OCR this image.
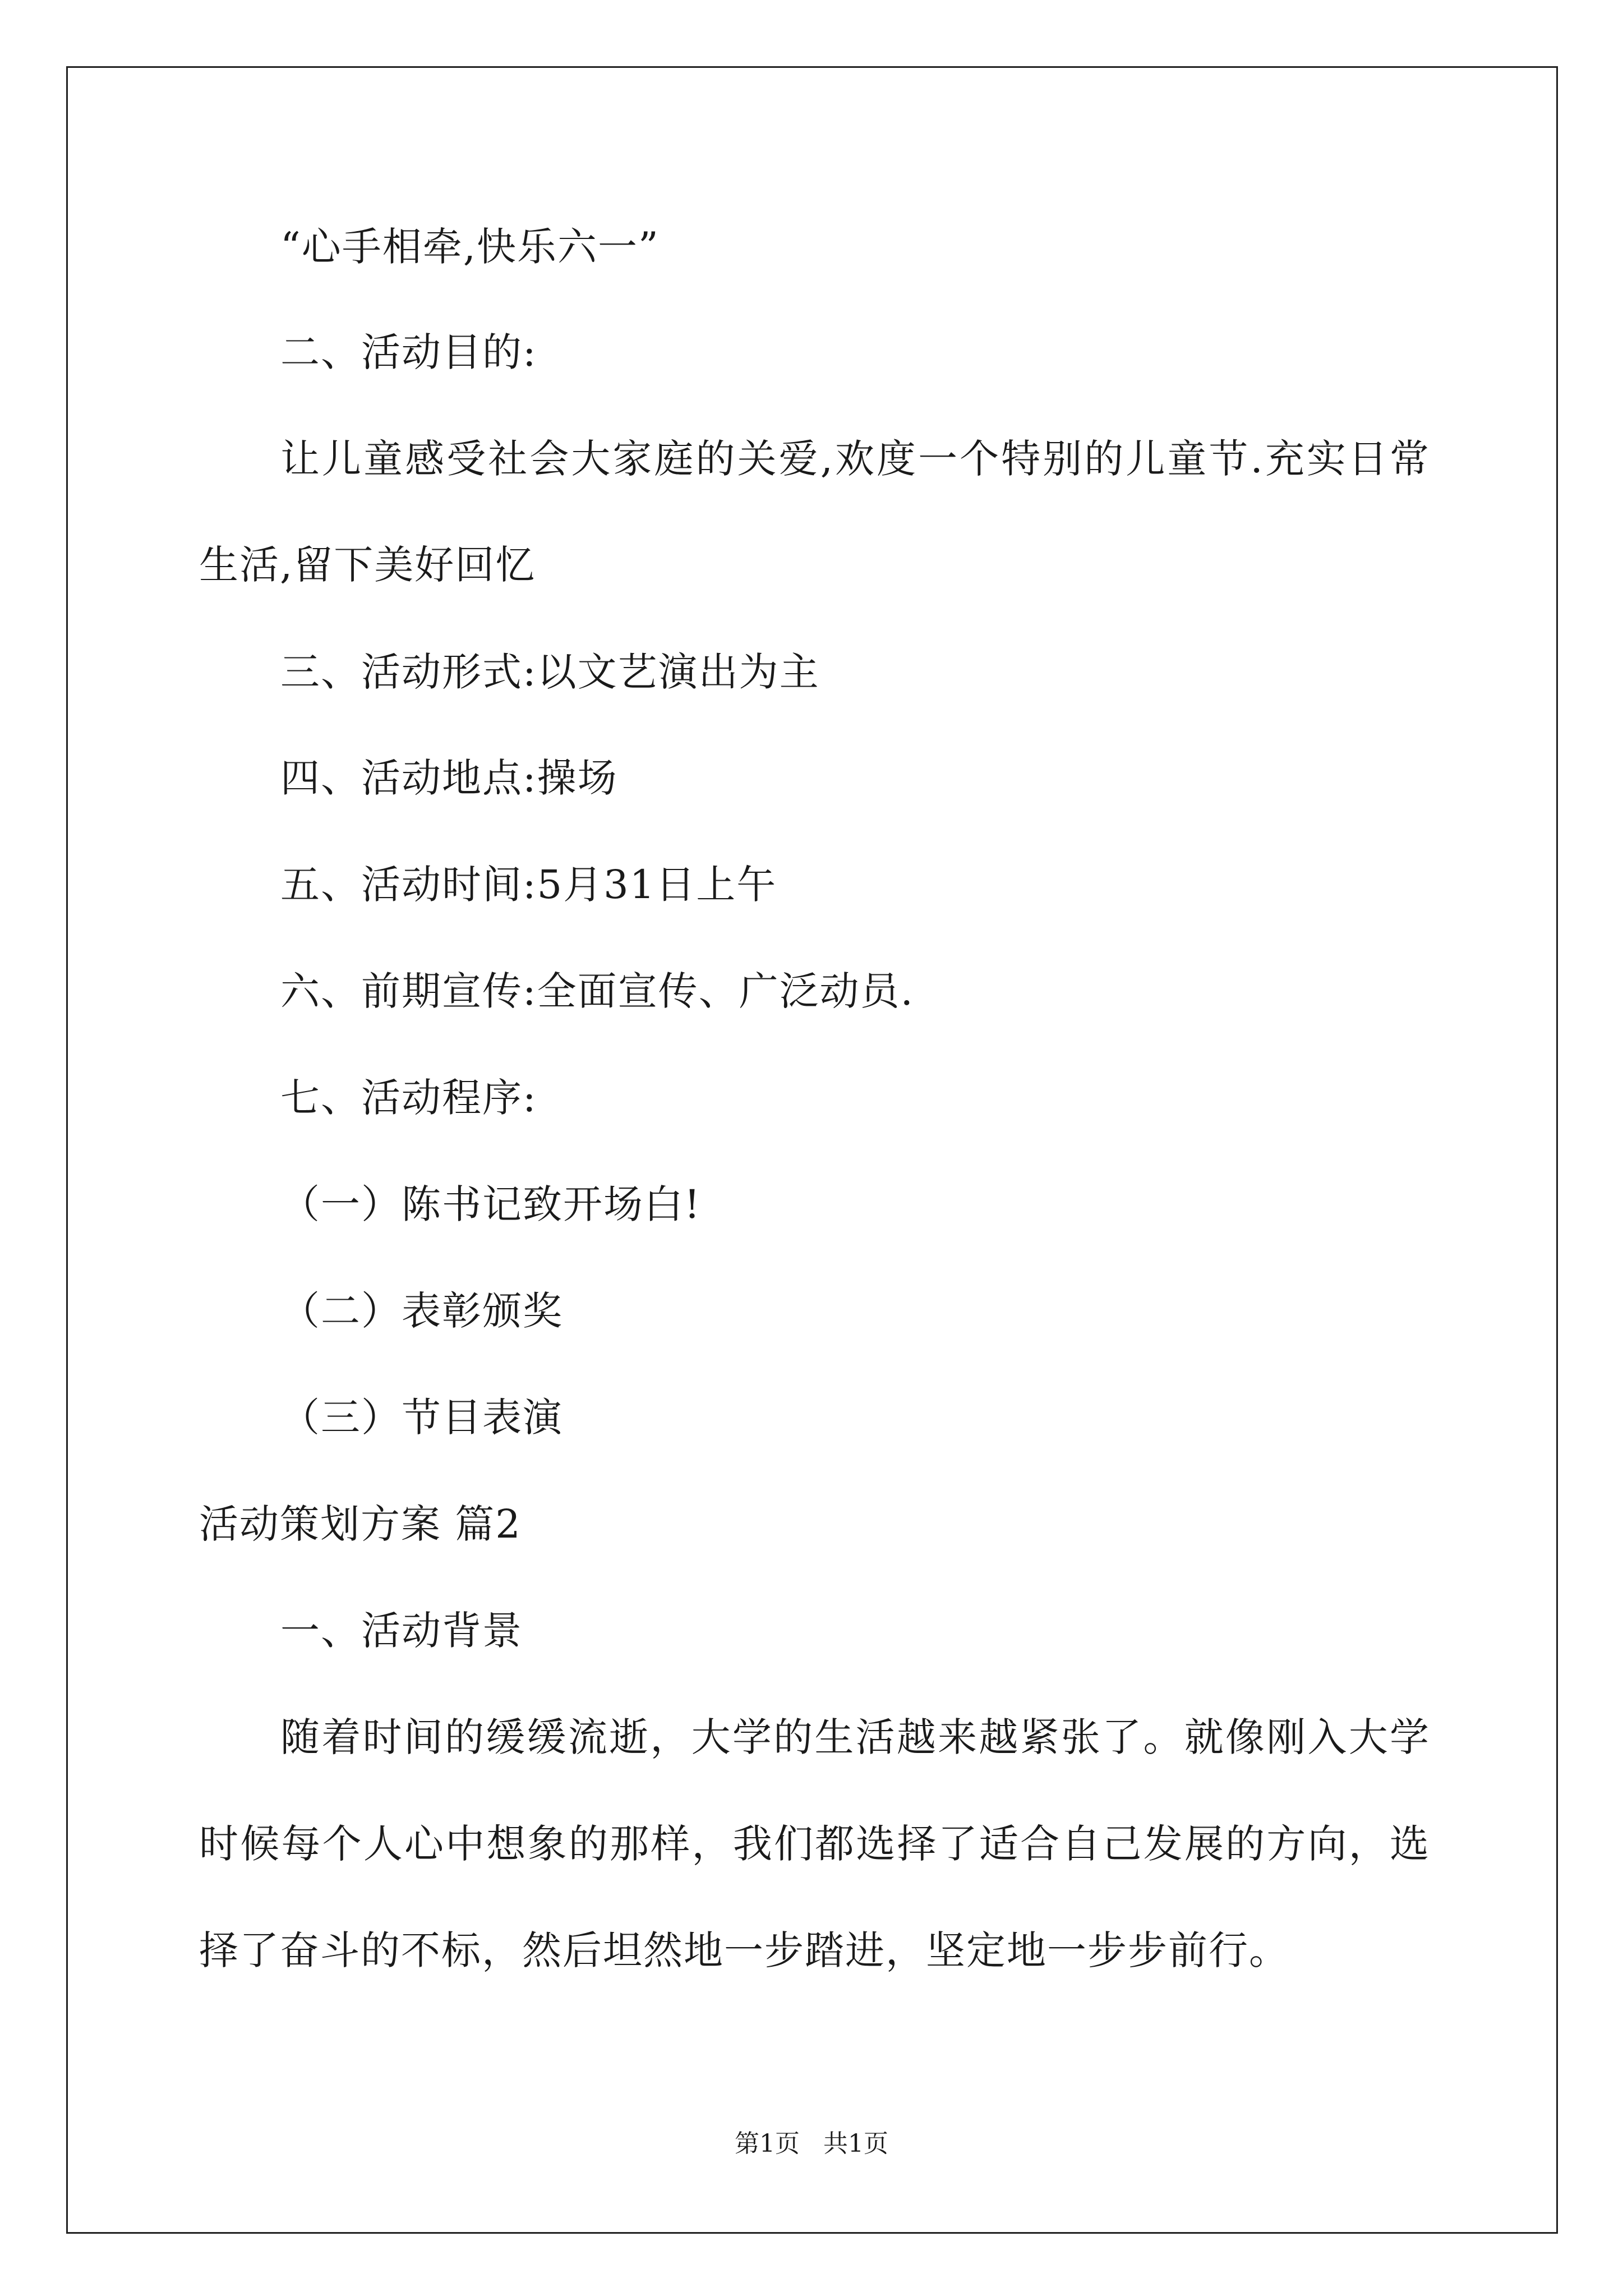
“心手相牵,快乐六一”
二、活动目的:
让儿童感受社会大家庭的关爱,欢度一个特别的儿童节.充实日常
生活,留下美好回忆
三、活动形式:以文艺演出为主
四、活动地点:操场
五、活动时间:5月31日上午
六、前期宣传:全面宣传、广泛动员.
七、活动程序:
（一）陈书记致开场白!
（二）表彰颁奖
（三）节目表演
活动策划方案 篇2
一、活动背景
随着时间的缓缓流逝，大学的生活越来越紧张了。就像刚入大学
时候每个人心中想象的那样，我们都选择了适合自己发展的方向，选
择了奋斗的不标，然后坦然地一步踏进，坚定地一步步前行。
第1页   共1页
